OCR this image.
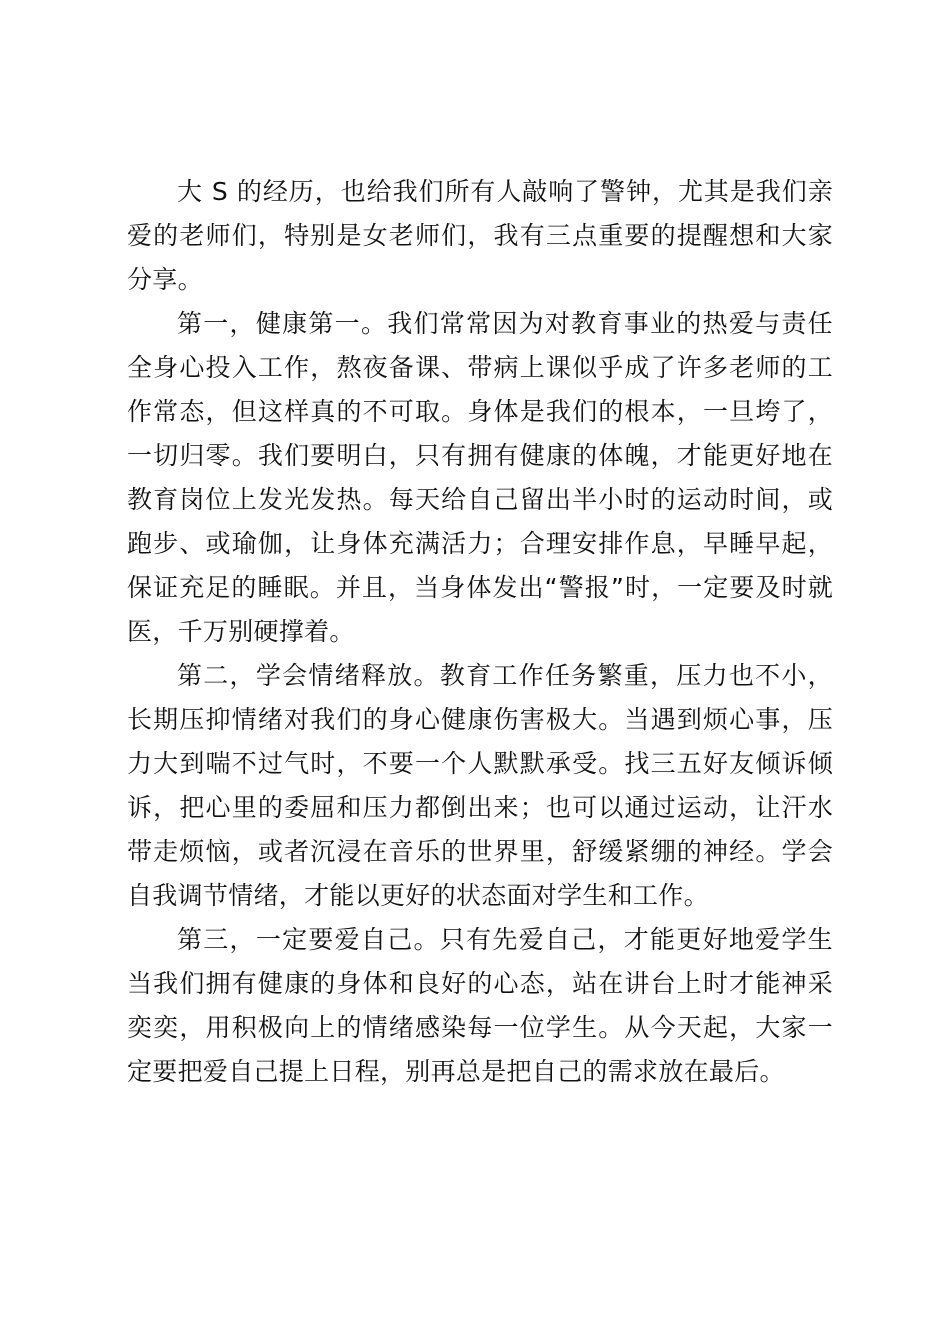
大 S 的经历，也给我们所有人敲响了警钟，尤其是我们亲爱的老师们，特别是女老师们，我有三点重要的提醒想和大家分享。

第一，健康第一。我们常常因为对教育事业的热爱与责任全身心投入工作，熬夜备课、带病上课似乎成了许多老师的工作常态，但这样真的不可取。身体是我们的根本，一旦垮了，一切归零。我们要明白，只有拥有健康的体魄，才能更好地在教育岗位上发光发热。每天给自己留出半小时的运动时间，或跑步、或瑜伽，让身体充满活力；合理安排作息，早睡早起，保证充足的睡眠。并且，当身体发出“警报”时，一定要及时就医，千万别硬撑着。

第二，学会情绪释放。教育工作任务繁重，压力也不小，长期压抑情绪对我们的身心健康伤害极大。当遇到烦心事，压力大到喘不过气时，不要一个人默默承受。找三五好友倾诉倾诉，把心里的委屈和压力都倒出来；也可以通过运动，让汗水带走烦恼，或者沉浸在音乐的世界里，舒缓紧绷的神经。学会自我调节情绪，才能以更好的状态面对学生和工作。

第三，一定要爱自己。只有先爱自己，才能更好地爱学生当我们拥有健康的身体和良好的心态，站在讲台上时才能神采奕奕，用积极向上的情绪感染每一位学生。从今天起，大家一定要把爱自己提上日程，别再总是把自己的需求放在最后。
